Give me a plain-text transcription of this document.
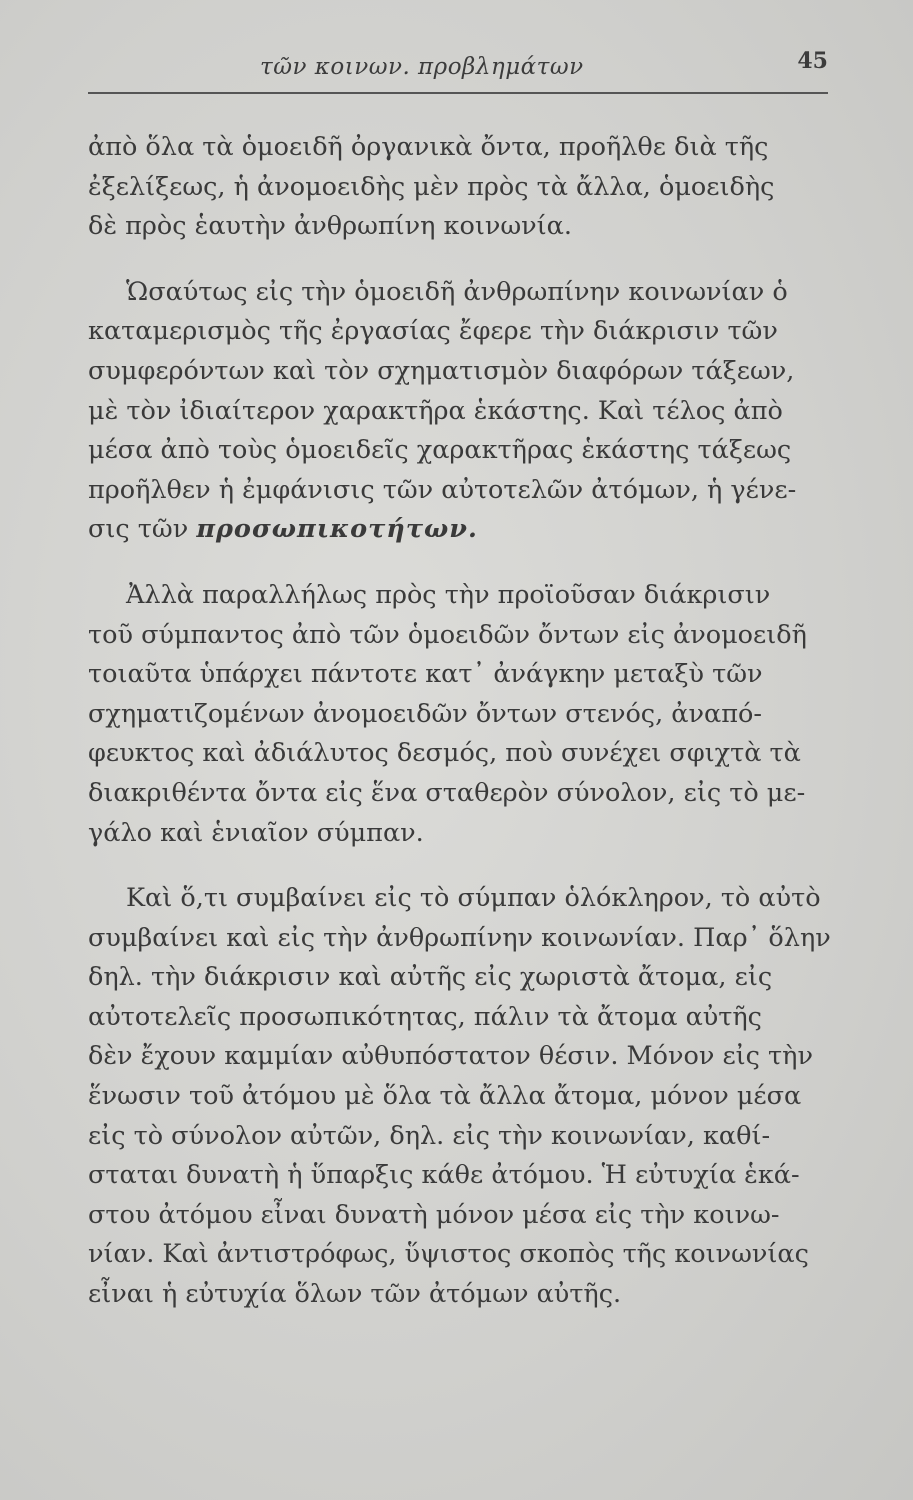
τῶν κοινων. προβλημάτων	45

ἀπὸ ὅλα τὰ ὁμοειδῆ ὀργανικὰ ὄντα, προῆλθε διὰ τῆς
ἐξελίξεως, ἡ ἀνομοειδὴς μὲν πρὸς τὰ ἄλλα, ὁμοειδὴς
δὲ πρὸς ἑαυτὴν ἀνθρωπίνη κοινωνία.

Ὡσαύτως εἰς τὴν ὁμοειδῆ ἀνθρωπίνην κοινωνίαν ὁ
καταμερισμὸς τῆς ἐργασίας ἔφερε τὴν διάκρισιν τῶν
συμφερόντων καὶ τὸν σχηματισμὸν διαφόρων τάξεων,
μὲ τὸν ἰδιαίτερον χαρακτῆρα ἑκάστης. Καὶ τέλος ἀπὸ
μέσα ἀπὸ τοὺς ὁμοειδεῖς χαρακτῆρας ἑκάστης τάξεως
προῆλθεν ἡ ἐμφάνισις τῶν αὐτοτελῶν ἀτόμων, ἡ γένε-
σις τῶν προσωπικοτήτων.

Ἀλλὰ παραλλήλως πρὸς τὴν προϊοῦσαν διάκρισιν
τοῦ σύμπαντος ἀπὸ τῶν ὁμοειδῶν ὄντων εἰς ἀνομοειδῆ
τοιαῦτα ὑπάρχει πάντοτε κατ᾿ ἀνάγκην μεταξὺ τῶν
σχηματιζομένων ἀνομοειδῶν ὄντων στενός, ἀναπό-
φευκτος καὶ ἀδιάλυτος δεσμός, ποὺ συνέχει σφιχτὰ τὰ
διακριθέντα ὄντα εἰς ἕνα σταθερὸν σύνολον, εἰς τὸ με-
γάλο καὶ ἑνιαῖον σύμπαν.

Καὶ ὅ,τι συμβαίνει εἰς τὸ σύμπαν ὁλόκληρον, τὸ αὐτὸ
συμβαίνει καὶ εἰς τὴν ἀνθρωπίνην κοινωνίαν. Παρ᾿ ὅλην
δηλ. τὴν διάκρισιν καὶ αὐτῆς εἰς χωριστὰ ἄτομα, εἰς
αὐτοτελεῖς προσωπικότητας, πάλιν τὰ ἄτομα αὐτῆς
δὲν ἔχουν καμμίαν αὐθυπόστατον θέσιν. Μόνον εἰς τὴν
ἕνωσιν τοῦ ἀτόμου μὲ ὅλα τὰ ἄλλα ἄτομα, μόνον μέσα
εἰς τὸ σύνολον αὐτῶν, δηλ. εἰς τὴν κοινωνίαν, καθί-
σταται δυνατὴ ἡ ὕπαρξις κάθε ἀτόμου. Ἡ εὐτυχία ἑκά-
στου ἀτόμου εἶναι δυνατὴ μόνον μέσα εἰς τὴν κοινω-
νίαν. Καὶ ἀντιστρόφως, ὕψιστος σκοπὸς τῆς κοινωνίας
εἶναι ἡ εὐτυχία ὅλων τῶν ἀτόμων αὐτῆς.
